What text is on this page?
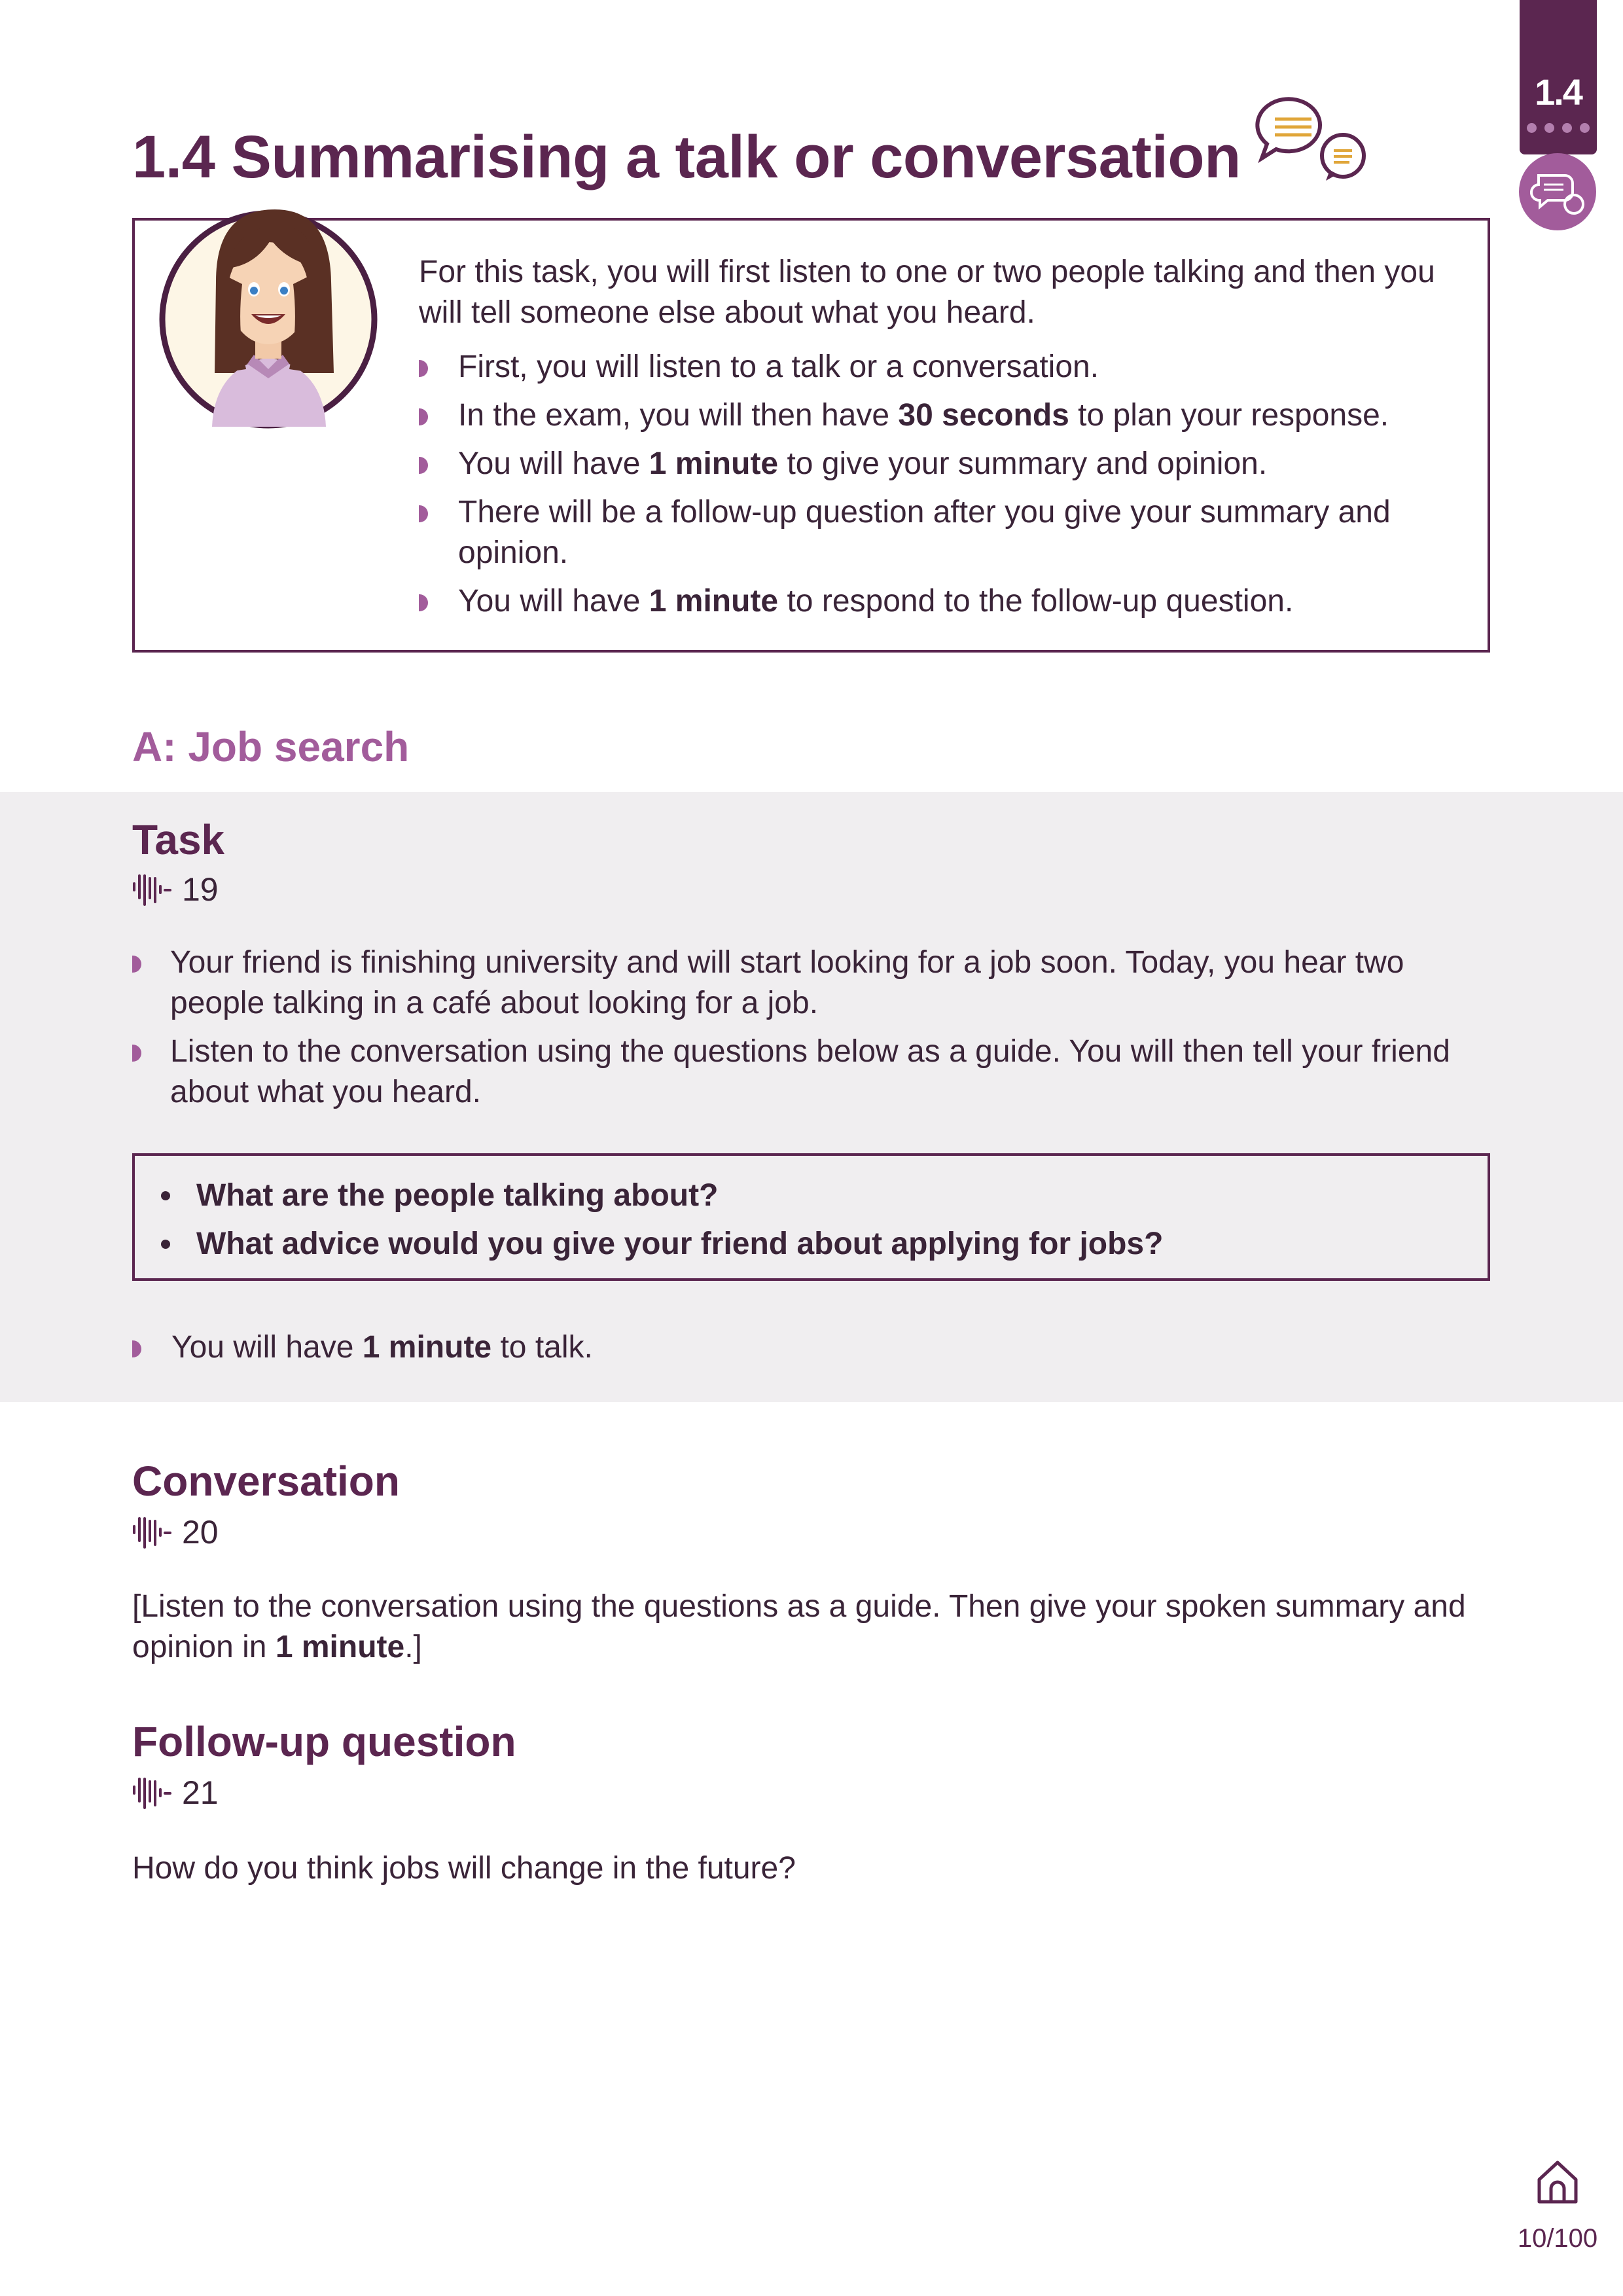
1.4
1.4 Summarising a talk or conversation
For this task, you will first listen to one or two people talking and then you will tell someone else about what you heard.
First, you will listen to a talk or a conversation.
In the exam, you will then have 30 seconds to plan your response.
You will have 1 minute to give your summary and opinion.
There will be a follow-up question after you give your summary and opinion.
You will have 1 minute to respond to the follow-up question.
A: Job search
Task
19
Your friend is finishing university and will start looking for a job soon. Today, you hear two people talking in a café about looking for a job.
Listen to the conversation using the questions below as a guide. You will then tell your friend about what you heard.
What are the people talking about?
What advice would you give your friend about applying for jobs?
You will have 1 minute to talk.
Conversation
20
[Listen to the conversation using the questions as a guide. Then give your spoken summary and opinion in 1 minute.]
Follow-up question
21
How do you think jobs will change in the future?
10/100
